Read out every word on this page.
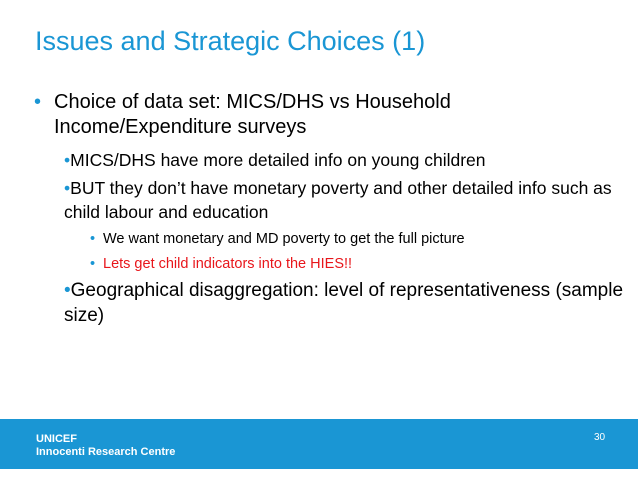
Issues and Strategic Choices (1)
• Choice of data set: MICS/DHS vs Household Income/Expenditure surveys
•MICS/DHS have more detailed info on young children
•BUT they don’t have monetary poverty and other detailed info such as child labour and education
• We want monetary and MD poverty to get the full picture
• Lets get child indicators into the HIES!!
•Geographical disaggregation: level of representativeness (sample size)
UNICEF
Innocenti Research Centre
30
